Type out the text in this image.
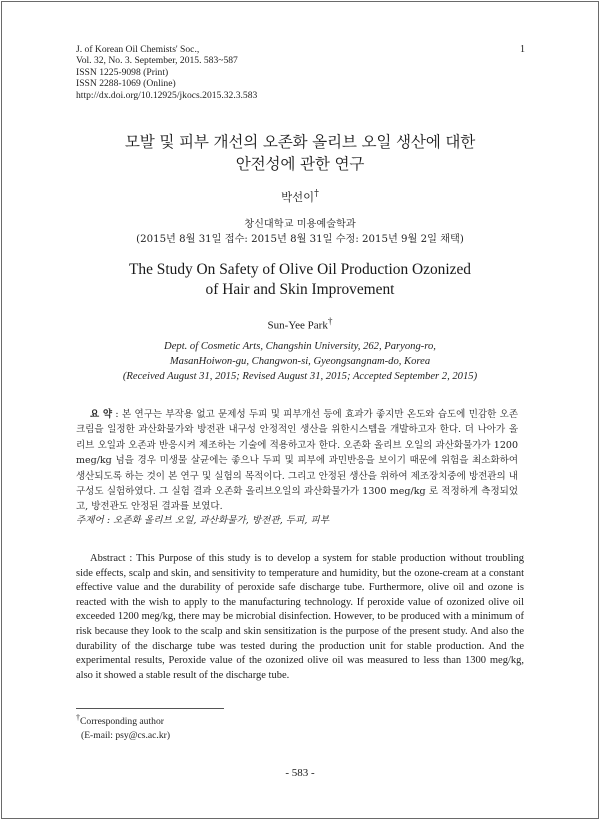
J. of Korean Oil Chemists' Soc.,
Vol. 32, No. 3. September, 2015. 583~587
ISSN 1225-9098 (Print)
ISSN 2288-1069 (Online)
http://dx.doi.org/10.12925/jkocs.2015.32.3.583
1
모발 및 피부 개선의 오존화 올리브 오일 생산에 대한
안전성에 관한 연구
박선이†
창신대학교 미용예술학과
(2015년 8월 31일 접수: 2015년 8월 31일 수정: 2015년 9월 2일 채택)
The Study On Safety of Olive Oil Production Ozonized
of Hair and Skin Improvement
Sun-Yee Park†
Dept. of Cosmetic Arts, Changshin University, 262, Paryong-ro,
MasanHoiwon-gu, Changwon-si, Gyeongsangnam-do, Korea
(Received August 31, 2015; Revised August 31, 2015; Accepted September 2, 2015)
요 약 : 본 연구는 부작용 없고 문제성 두피 및 피부개선 등에 효과가 좋지만 온도와 습도에 민감한 오존크림을 일정한 과산화물가와 방전관 내구성 안정적인 생산을 위한시스템을 개발하고자 한다. 더 나아가 올리브 오일과 오존과 반응시켜 제조하는 기술에 적용하고자 한다. 오존화 올리브 오일의 과산화물가가 1200 meg/kg 넘을 경우 미생물 살균에는 좋으나 두피 및 피부에 과민반응을 보이기 때문에 위험을 최소화하여 생산되도록 하는 것이 본 연구 및 실험의 목적이다. 그리고 안정된 생산을 위하여 제조장치중에 방전관의 내구성도 실험하였다. 그 실험 결과 오존화 올리브오일의 과산화물가가 1300 meg/kg 로 적정하게 측정되었고, 방전관도 안정된 결과를 보였다.
주제어 : 오존화 올리브 오일, 과산화물가, 방전관, 두피, 피부
Abstract : This Purpose of this study is to develop a system for stable production without troubling side effects, scalp and skin, and sensitivity to temperature and humidity, but the ozone-cream at a constant effective value and the durability of peroxide safe discharge tube. Furthermore, olive oil and ozone is reacted with the wish to apply to the manufacturing technology. If peroxide value of ozonized olive oil exceeded 1200 meg/kg, there may be microbial disinfection. However, to be produced with a minimum of risk because they look to the scalp and skin sensitization is the purpose of the present study. And also the durability of the discharge tube was tested during the production unit for stable production. And the experimental results, Peroxide value of the ozonized olive oil was measured to less than 1300 meg/kg, also it showed a stable result of the discharge tube.
†Corresponding author
(E-mail: psy@cs.ac.kr)
- 583 -
